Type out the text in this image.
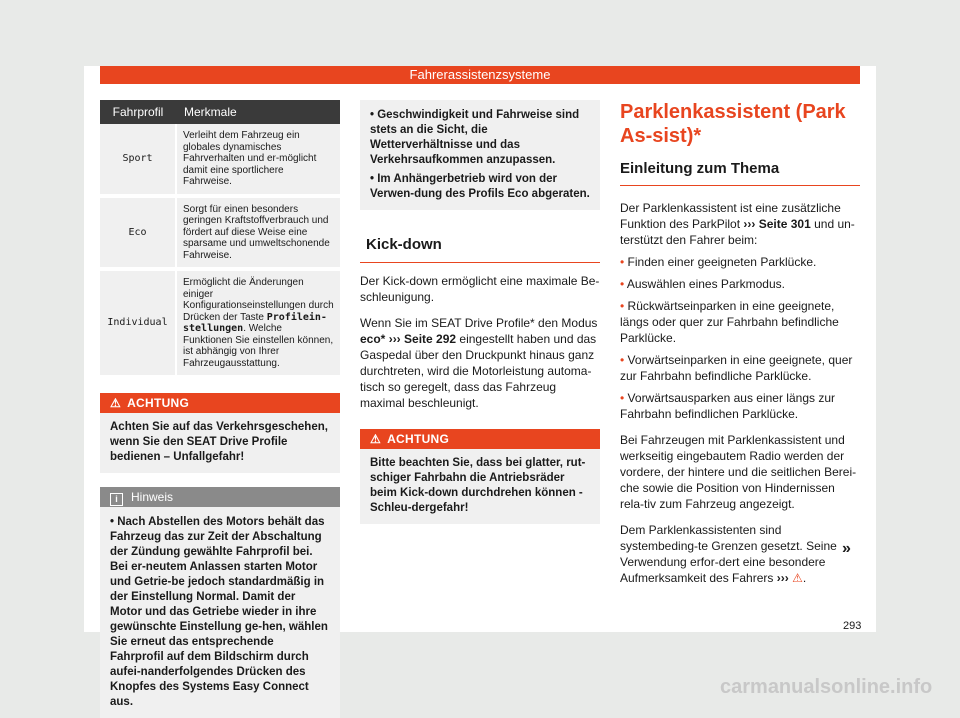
Fahrerassistenzsysteme
Fahrprofil	Merkmale
Sport	Verleiht dem Fahrzeug ein globales dynamisches Fahrverhalten und er-möglicht damit eine sportlichere Fahrweise.
Eco	Sorgt für einen besonders geringen Kraftstoffverbrauch und fördert auf diese Weise eine sparsame und umweltschonende Fahrweise.
Individual	Ermöglicht die Änderungen einiger Konfigurationseinstellungen durch Drücken der Taste Profilein-stellungen. Welche Funktionen Sie einstellen können, ist abhängig von Ihrer Fahrzeugausstattung.
⚠ ACHTUNG
Achten Sie auf das Verkehrsgeschehen, wenn Sie den SEAT Drive Profile bedienen – Unfallgefahr!
i Hinweis
• Nach Abstellen des Motors behält das Fahrzeug das zur Zeit der Abschaltung der Zündung gewählte Fahrprofil bei. Bei er-neutem Anlassen starten Motor und Getrie-be jedoch standardmäßig in der Einstellung Normal. Damit der Motor und das Getriebe wieder in ihre gewünschte Einstellung ge-hen, wählen Sie erneut das entsprechende Fahrprofil auf dem Bildschirm durch aufei-nanderfolgendes Drücken des Knopfes des Systems Easy Connect aus.
• Geschwindigkeit und Fahrweise sind stets an die Sicht, die Wetterverhältnisse und das Verkehrsaufkommen anzupassen.
• Im Anhängerbetrieb wird von der Verwen-dung des Profils Eco abgeraten.
Kick-down

Der Kick-down ermöglicht eine maximale Be-schleunigung.

Wenn Sie im SEAT Drive Profile* den Modus eco* ››› Seite 292 eingestellt haben und das Gaspedal über den Druckpunkt hinaus ganz durchtreten, wird die Motorleistung automa-tisch so geregelt, dass das Fahrzeug maximal beschleunigt.

⚠ ACHTUNG
Bitte beachten Sie, dass bei glatter, rut-schiger Fahrbahn die Antriebsräder beim Kick-down durchdrehen können - Schleu-dergefahr!
Parklenkassistent (Park As-sist)*
Einleitung zum Thema

Der Parklenkassistent ist eine zusätzliche Funktion des ParkPilot ››› Seite 301 und un-terstützt den Fahrer beim:

• Finden einer geeigneten Parklücke.
• Auswählen eines Parkmodus.
• Rückwärtseinparken in eine geeignete, längs oder quer zur Fahrbahn befindliche Parklücke.
• Vorwärtseinparken in eine geeignete, quer zur Fahrbahn befindliche Parklücke.
• Vorwärtsausparken aus einer längs zur Fahrbahn befindlichen Parklücke.

Bei Fahrzeugen mit Parklenkassistent und werkseitig eingebautem Radio werden der vordere, der hintere und die seitlichen Berei-che sowie die Position von Hindernissen rela-tiv zum Fahrzeug angezeigt.

Dem Parklenkassistenten sind systembeding-te Grenzen gesetzt. Seine Verwendung erfor-dert eine besondere Aufmerksamkeit des Fahrers ››› ⚠.

»
293
carmanualsonline.info
